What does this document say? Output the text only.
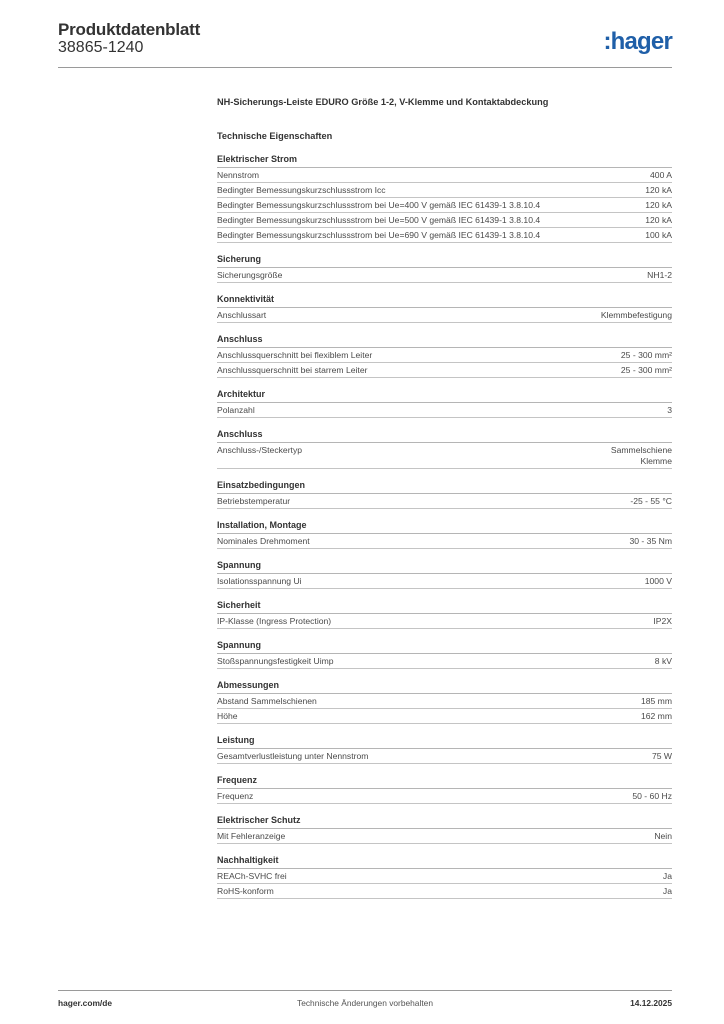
Produktdatenblatt
38865-1240	:hager
NH-Sicherungs-Leiste EDURO Größe 1-2, V-Klemme und Kontaktabdeckung
Technische Eigenschaften
Elektrischer Strom
Nennstrom	400 A
Bedingter Bemessungskurzschlussstrom Icc	120 kA
Bedingter Bemessungskurzschlussstrom bei Ue=400 V gemäß IEC 61439-1 3.8.10.4	120 kA
Bedingter Bemessungskurzschlussstrom bei Ue=500 V gemäß IEC 61439-1 3.8.10.4	120 kA
Bedingter Bemessungskurzschlussstrom bei Ue=690 V gemäß IEC 61439-1 3.8.10.4	100 kA
Sicherung
Sicherungsgröße	NH1-2
Konnektivität
Anschlussart	Klemmbefestigung
Anschluss
Anschlussquerschnitt bei flexiblem Leiter	25 - 300 mm²
Anschlussquerschnitt bei starrem Leiter	25 - 300 mm²
Architektur
Polanzahl	3
Anschluss
Anschluss-/Steckertyp	Sammelschiene
Klemme
Einsatzbedingungen
Betriebstemperatur	-25 - 55 °C
Installation, Montage
Nominales Drehmoment	30 - 35 Nm
Spannung
Isolationsspannung Ui	1000 V
Sicherheit
IP-Klasse (Ingress Protection)	IP2X
Spannung
Stoßspannungsfestigkeit Uimp	8 kV
Abmessungen
Abstand Sammelschienen	185 mm
Höhe	162 mm
Leistung
Gesamtverlustleistung unter Nennstrom	75 W
Frequenz
Frequenz	50 - 60 Hz
Elektrischer Schutz
Mit Fehleranzeige	Nein
Nachhaltigkeit
REACh-SVHC frei	Ja
RoHS-konform	Ja
hager.com/de	Technische Änderungen vorbehalten	14.12.2025
